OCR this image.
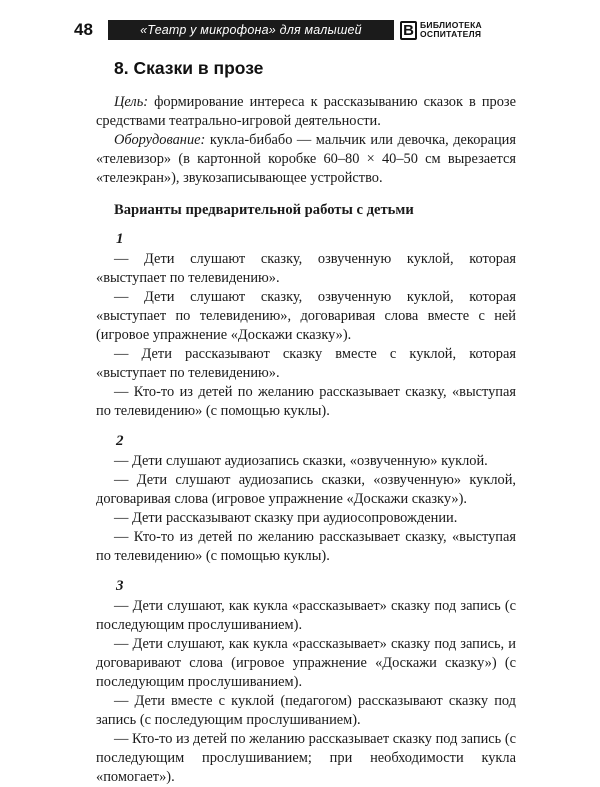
48	«Театр у микрофона» для малышей	В БИБЛИОТЕКА
ОСПИТАТЕЛЯ
8. Сказки в прозе

Цель: формирование интереса к рассказыванию сказок в прозе средствами театрально-игровой деятельности.

Оборудование: кукла-бибабо — мальчик или девочка, декорация «телевизор» (в картонной коробке 60–80 × 40–50 см вырезается «телеэкран»), звукозаписывающее устройство.

Варианты предварительной работы с детьми
1

— Дети слушают сказку, озвученную куклой, которая «выступает по телевидению».

— Дети слушают сказку, озвученную куклой, которая «выступает по телевидению», договаривая слова вместе с ней (игровое упражнение «Доскажи сказку»).

— Дети рассказывают сказку вместе с куклой, которая «выступает по телевидению».

— Кто-то из детей по желанию рассказывает сказку, «выступая по телевидению» (с помощью куклы).

2

— Дети слушают аудиозапись сказки, «озвученную» куклой.

— Дети слушают аудиозапись сказки, «озвученную» куклой, договаривая слова (игровое упражнение «Доскажи сказку»).

— Дети рассказывают сказку при аудиосопровождении.

— Кто-то из детей по желанию рассказывает сказку, «выступая по телевидению» (с помощью куклы).

3

— Дети слушают, как кукла «рассказывает» сказку под запись (с последующим прослушиванием).

— Дети слушают, как кукла «рассказывает» сказку под запись, и договаривают слова (игровое упражнение «Доскажи сказку») (с последующим прослушиванием).

— Дети вместе с куклой (педагогом) рассказывают сказку под запись (с последующим прослушиванием).

— Кто-то из детей по желанию рассказывает сказку под запись (с последующим прослушиванием; при необходимости кукла «помогает»).
